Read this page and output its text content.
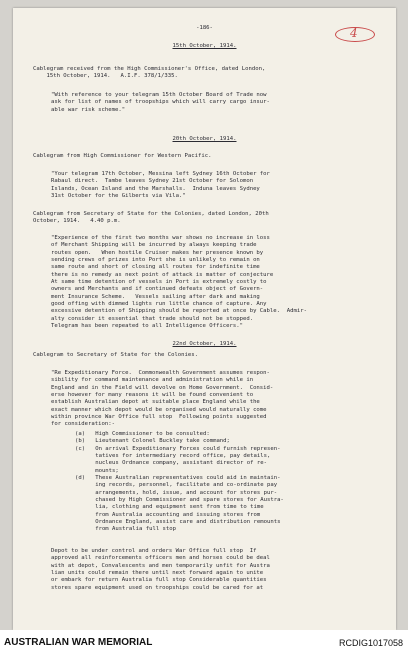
-186-	4
15th October, 1914.
Cablegram received from the High Commissioner's Office, dated London,
15th October, 1914.   A.I.F. 378/1/335.
"With reference to your telegram 15th October Board of Trade now
ask for list of names of troopships which will carry cargo insur-
able war risk scheme."
20th October, 1914.
Cablegram from High Commissioner for Western Pacific.
"Your telegram 17th October, Messina left Sydney 16th October for
Rabaul direct.  Tambe leaves Sydney 21st October for Solomon
Islands, Ocean Island and the Marshalls.  Induna leaves Sydney
31st October for the Gilberts via Vila."
Cablegram from Secretary of State for the Colonies, dated London, 20th
October, 1914.   4.40 p.m.
"Experience of the first two months war shows no increase in loss
of Merchant Shipping will be incurred by always keeping trade
routes open.   When hostile Cruiser makes her presence known by
sending crews of prizes into Port she is unlikely to remain on
same route and short of closing all routes for indefinite time
there is no remedy as next point of attack is matter of conjecture
At same time detention of vessels in Port is extremely costly to
owners and Merchants and if continued defeats object of Govern-
ment Insurance Scheme.   Vessels sailing after dark and making
good offing with dimmed lights run little chance of capture. Any
excessive detention of Shipping should be reported at once by Cable.  Admir-
alty consider it essential that trade should not be stopped.
Telegram has been repeated to all Intelligence Officers."
22nd October, 1914.
Cablegram to Secretary of State for the Colonies.
"Re Expeditionary Force.  Commonwealth Government assumes respon-
sibility for command maintenance and administration while in
England and in the Field will devolve on Home Government.  Consid-
erse however for many reasons it will be found convenient to
establish Australian depot at suitable place England while the
exact manner which depot would be organised would naturally come
within province War Office full stop  Following points suggested
for consideration:-
(a)   High Commissioner to be consulted:
(b)   Lieutenant Colonel Buckley take command;
(c)   On arrival Expeditionary Forces could furnish represen-
tatives for intermediary record office, pay details,
nucleus Ordnance company, assistant director of re-
mounts;
(d)   These Australian representatives could aid in maintain-
ing records, personnel, facilitate and co-ordinate pay
arrangements, hold, issue, and account for stores pur-
chased by High Commissioner and spare stores for Austra-
lia, clothing and equipment sent from time to time
from Australia accounting and issuing stores from
Ordnance England, assist care and distribution remounts
from Australia full stop
Depot to be under control and orders War Office full stop  If
approved all reinforcements officers men and horses could be deal
with at depot, Convalescents and men temporarily unfit for Austra
lian units could remain there until next forward again to unite
or embark for return Australia full stop Considerable quantities
stores spare equipment used on troopships could be cared for at
AUSTRALIAN WAR MEMORIAL	RCDIG1017058
